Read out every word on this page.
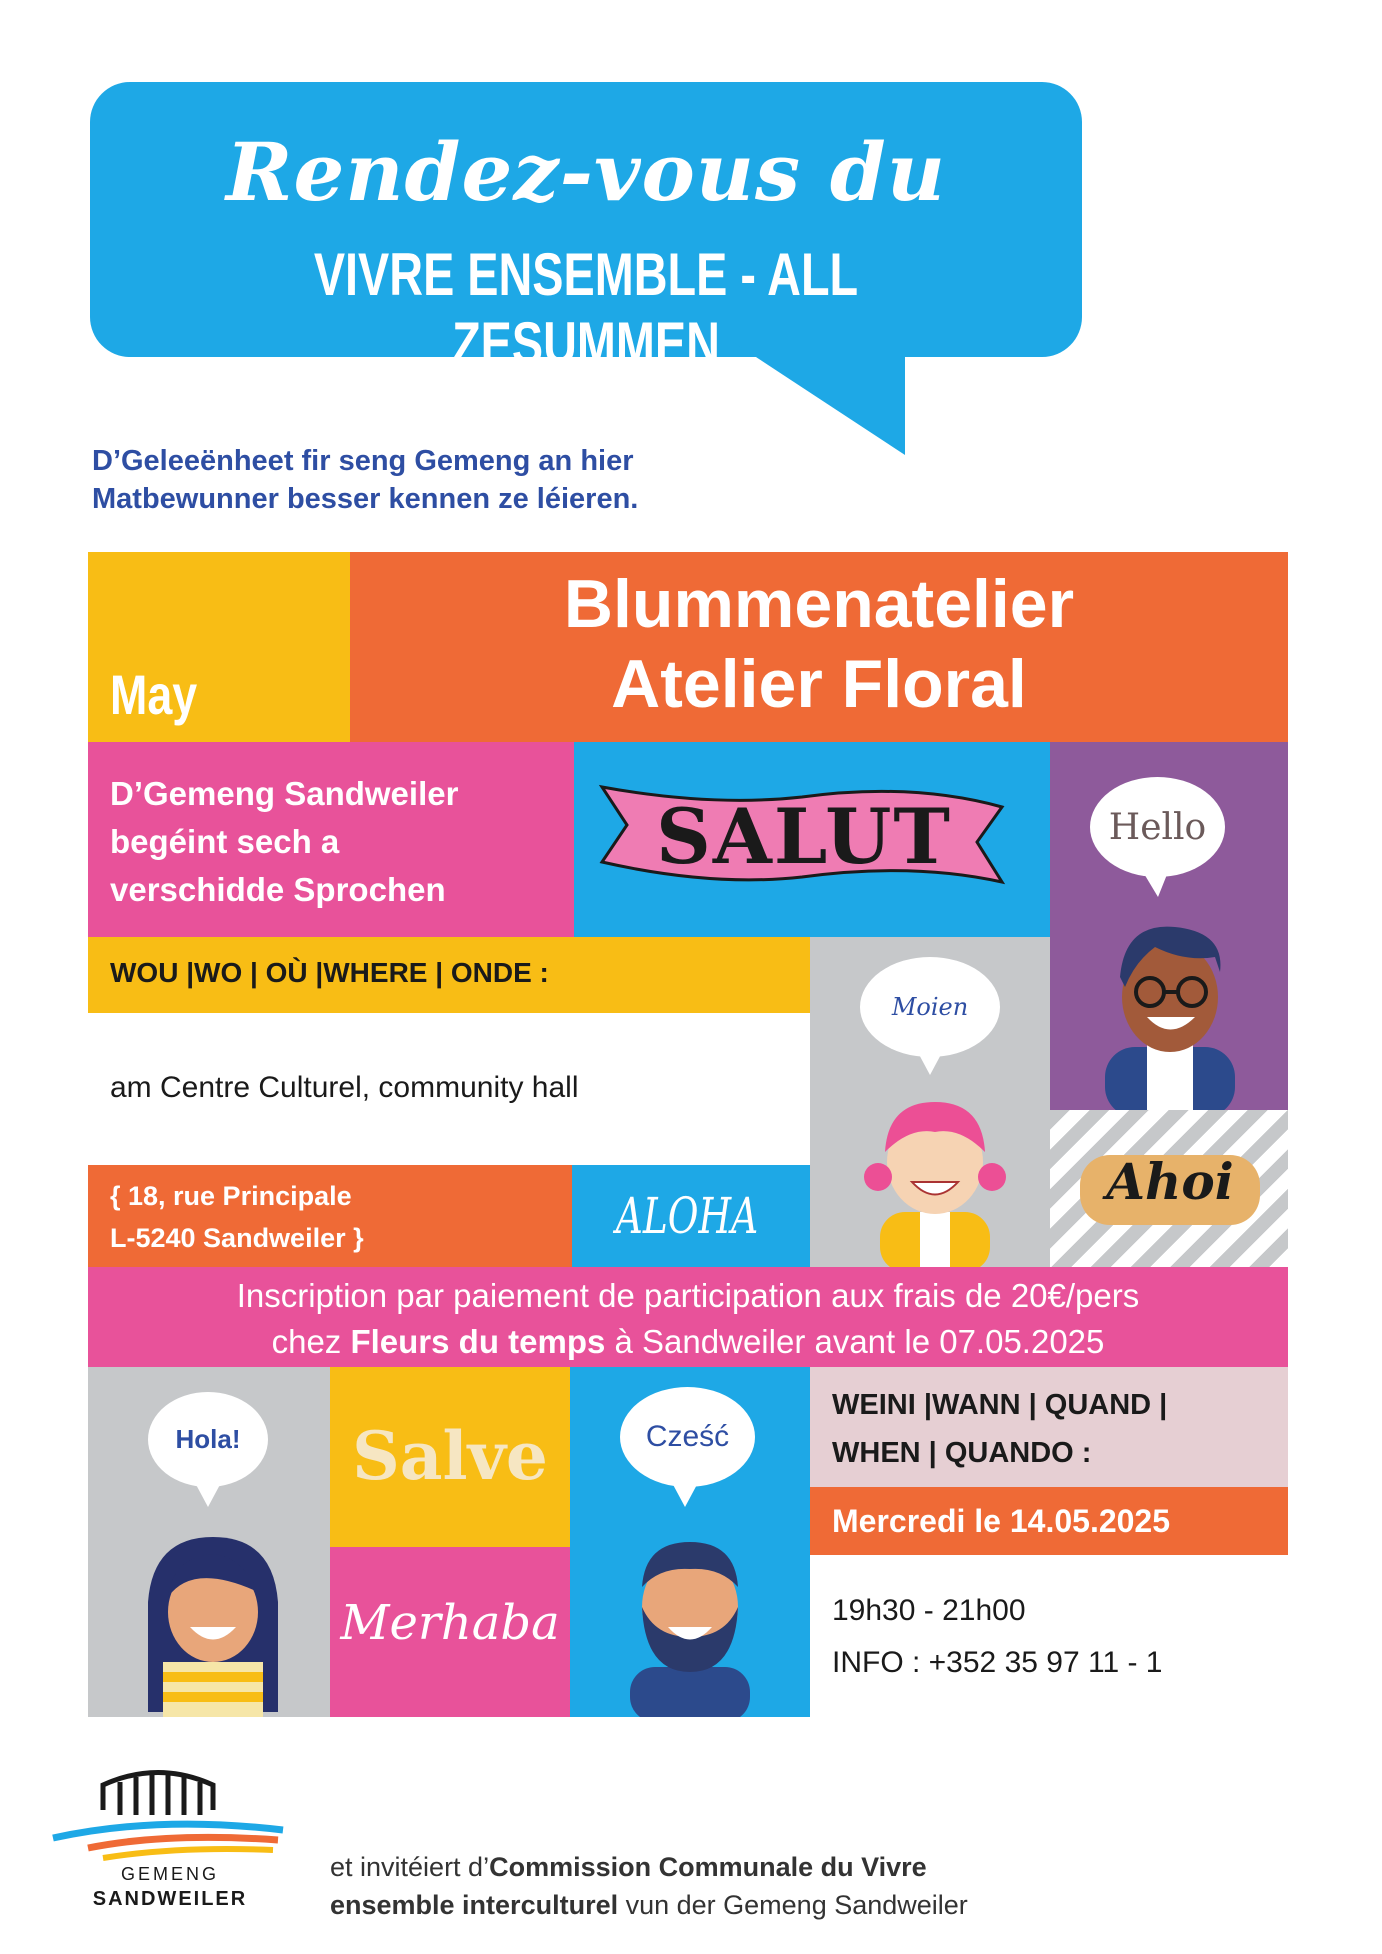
Rendez-vous du
VIVRE ENSEMBLE - ALL ZESUMMEN
D’Geleeënheet fir seng Gemeng an hier
Matbewunner besser kennen ze léieren.
May
Blummenatelier
Atelier Floral
D’Gemeng Sandweiler
begéint sech a
verschidde Sprochen
SALUT	Hello
WOU |WO | OÙ |WHERE | ONDE :
am Centre Culturel, community hall
Moien
Ahoi
{ 18, rue Principale
L-5240 Sandweiler }	ALOHA
Inscription par paiement de participation aux frais de 20€/pers
chez Fleurs du temps à Sandweiler avant le 07.05.2025
Hola!	Salve
Merhaba
Cześć
WEINI |WANN | QUAND |
WHEN | QUANDO :
Mercredi le 14.05.2025
19h30 - 21h00
INFO : +352 35 97 11 - 1
GEMENG
SANDWEILER
et invitéiert d’Commission Communale du Vivre
ensemble interculturel vun der Gemeng Sandweiler
